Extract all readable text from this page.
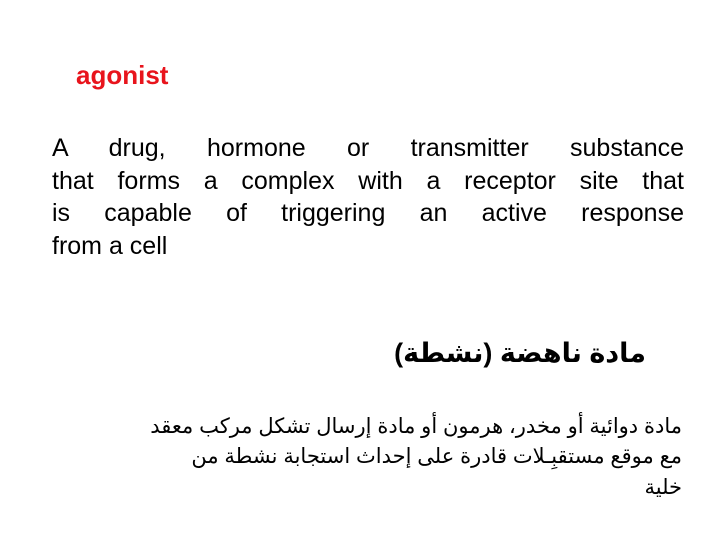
agonist
A drug, hormone or transmitter substance
that forms a complex with a receptor site that
is capable of triggering an active response
from a cell
مادة ناهضة (نشطة)
مادة دوائية أو مخدر، هرمون أو مادة إرسال تشكل مركب معقد
مع موقع مستقبِـلات قادرة على إحداث استجابة نشطة من
خلية
